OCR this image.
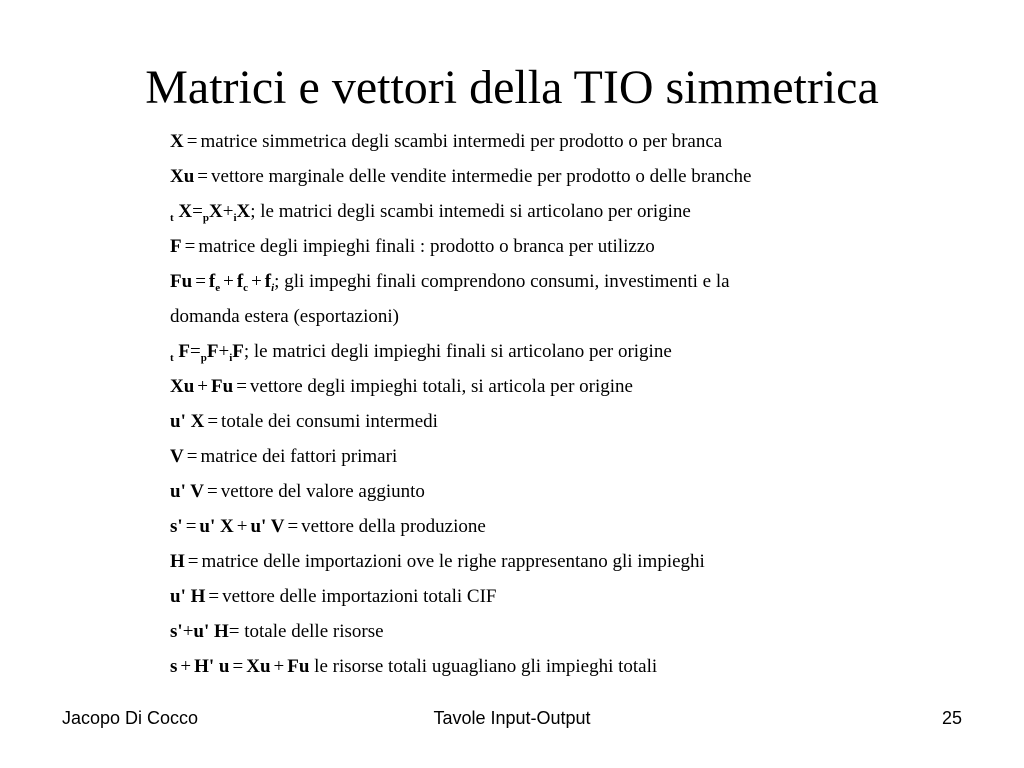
Matrici e vettori della TIO simmetrica
X = matrice simmetrica degli scambi intermedi per prodotto o per branca
Xu = vettore marginale delle vendite intermedie per prodotto o delle branche
$_t$ $X=_pX+_iX$; le matrici degli scambi intemedi si articolano per origine
F = matrice degli impieghi finali : prodotto o branca per utilizzo
$Fu = f_e + f_c + f_i$; gli impeghi finali comprendono consumi, investimenti e la
domanda estera (esportazioni)
$_t$ $F=_pF+_iF$; le matrici degli impieghi finali si articolano per origine
Xu + Fu = vettore degli impieghi totali, si articola per origine
u' X = totale dei consumi intermedi
V = matrice dei fattori primari
u' V = vettore del valore aggiunto
s' = u' X + u' V = vettore della produzione
H = matrice delle importazioni ove le righe rappresentano gli impieghi
u' H = vettore delle importazioni totali CIF
s'+u' H= totale delle risorse
s + H' u = Xu + Fu le risorse totali uguagliano gli impieghi totali
Jacopo Di Cocco	Tavole Input-Output	25
